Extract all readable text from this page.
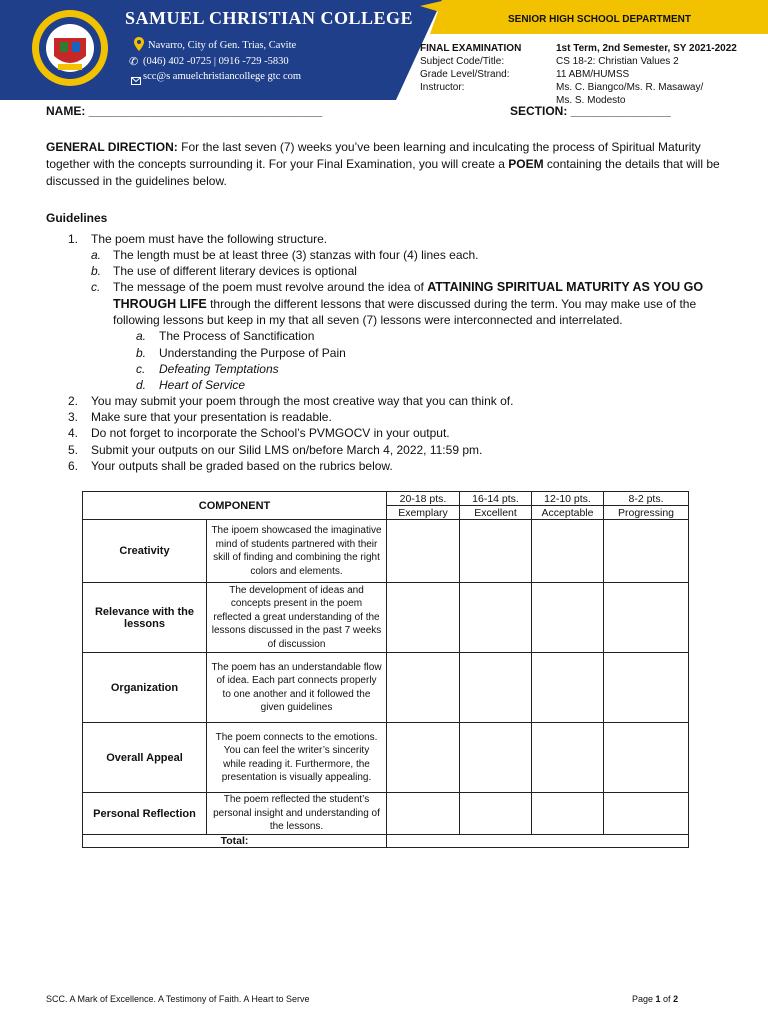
SAMUEL CHRISTIAN COLLEGE
Navarro, City of Gen. Trias, Cavite
✆ (046) 402 -0725 | 0916 -729 -5830
scc@s amuelchristiancollege gtc com
SENIOR HIGH SCHOOL DEPARTMENT
FINAL EXAMINATION	1st Term, 2nd Semester, SY 2021-2022
Subject Code/Title:	CS 18-2: Christian Values 2
Grade Level/Strand:	11 ABM/HUMSS
Instructor:	Ms. C. Biangco/Ms. R. Masaway/
Ms. S. Modesto
NAME: ___________________________________	SECTION: _______________
GENERAL DIRECTION: For the last seven (7) weeks you’ve been learning and inculcating the process of Spiritual Maturity together with the concepts surrounding it. For your Final Examination, you will create a POEM containing the details that will be discussed in the guidelines below.
Guidelines
1. The poem must have the following structure.
a. The length must be at least three (3) stanzas with four (4) lines each.
b. The use of different literary devices is optional
c. The message of the poem must revolve around the idea of ATTAINING SPIRITUAL MATURITY AS YOU GO
THROUGH LIFE through the different lessons that were discussed during the term. You may make use of the
following lessons but keep in my that all seven (7) lessons were interconnected and interrelated.
a. The Process of Sanctification
b. Understanding the Purpose of Pain
c. Defeating Temptations
d. Heart of Service
2. You may submit your poem through the most creative way that you can think of.
3. Make sure that your presentation is readable.
4. Do not forget to incorporate the School’s PVMGOCV in your output.
5. Submit your outputs on our Silid LMS on/before March 4, 2022, 11:59 pm.
6. Your outputs shall be graded based on the rubrics below.
COMPONENT		20-18 pts.	16-14 pts.	12-10 pts.	8-2 pts.
		Exemplary	Excellent	Acceptable	Progressing
Creativity	The ipoem showcased the imaginative mind of students partnered with their skill of finding and combining the right colors and elements.				
Relevance with the lessons	The development of ideas and concepts present in the poem reflected a great understanding of the lessons discussed in the past 7 weeks of discussion				
Organization	The poem has an understandable flow of idea. Each part connects properly to one another and it followed the given guidelines				
Overall Appeal	The poem connects to the emotions. You can feel the writer’s sincerity while reading it. Furthermore, the presentation is visually appealing.				
Personal Reflection	The poem reflected the student’s personal insight and understanding of the lessons.				
Total:					
SCC. A Mark of Excellence. A Testimony of Faith. A Heart to Serve	Page 1 of 2
